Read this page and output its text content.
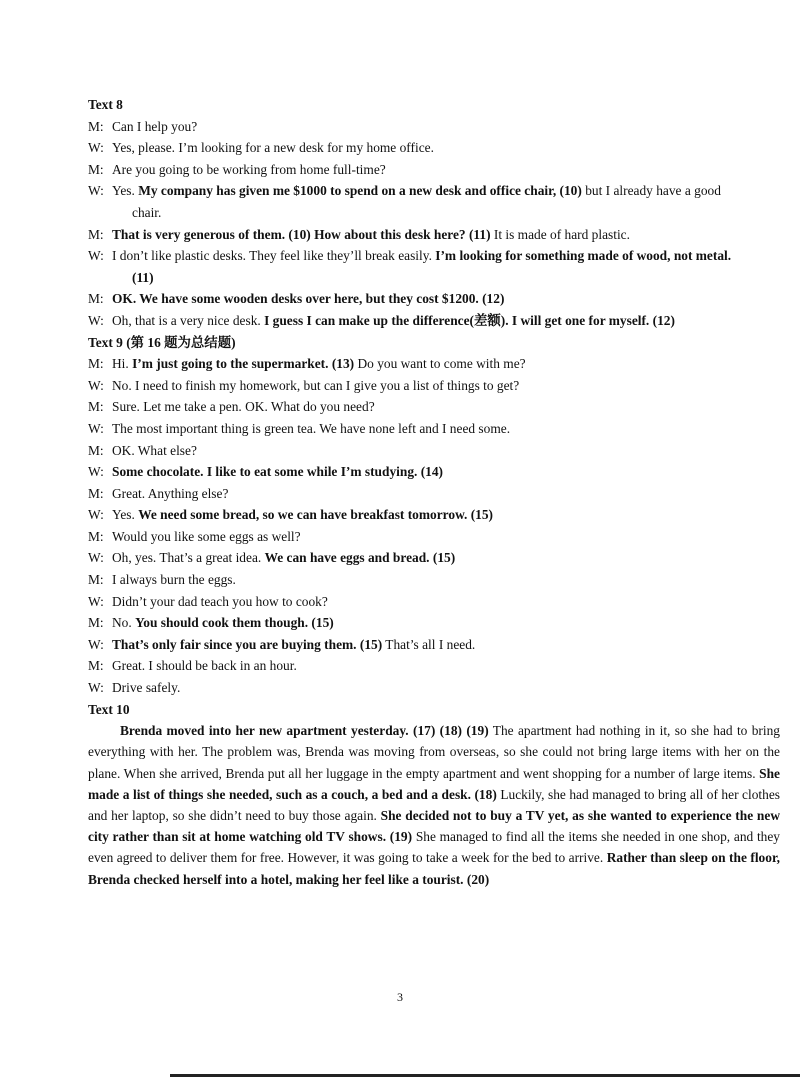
Text 8
M: Can I help you?
W: Yes, please. I’m looking for a new desk for my home office.
M: Are you going to be working from home full-time?
W: Yes. My company has given me $1000 to spend on a new desk and office chair, (10) but I already have a good
chair.
M: That is very generous of them. (10) How about this desk here? (11) It is made of hard plastic.
W: I don’t like plastic desks. They feel like they’ll break easily. I’m looking for something made of wood, not metal.
(11)
M: OK. We have some wooden desks over here, but they cost $1200. (12)
W: Oh, that is a very nice desk. I guess I can make up the difference(差额). I will get one for myself. (12)
Text 9 (第 16 题为总结题)
M: Hi. I’m just going to the supermarket. (13) Do you want to come with me?
W: No. I need to finish my homework, but can I give you a list of things to get?
M: Sure. Let me take a pen. OK. What do you need?
W: The most important thing is green tea. We have none left and I need some.
M: OK. What else?
W: Some chocolate. I like to eat some while I’m studying. (14)
M: Great. Anything else?
W: Yes. We need some bread, so we can have breakfast tomorrow. (15)
M: Would you like some eggs as well?
W: Oh, yes. That’s a great idea. We can have eggs and bread. (15)
M: I always burn the eggs.
W: Didn’t your dad teach you how to cook?
M: No. You should cook them though. (15)
W: That’s only fair since you are buying them. (15) That’s all I need.
M: Great. I should be back in an hour.
W: Drive safely.
Text 10

Brenda moved into her new apartment yesterday. (17) (18) (19) The apartment had nothing in it, so she had to bring everything with her. The problem was, Brenda was moving from overseas, so she could not bring large items with her on the plane. When she arrived, Brenda put all her luggage in the empty apartment and went shopping for a number of large items. She made a list of things she needed, such as a couch, a bed and a desk. (18) Luckily, she had managed to bring all of her clothes and her laptop, so she didn’t need to buy those again. She decided not to buy a TV yet, as she wanted to experience the new city rather than sit at home watching old TV shows. (19) She managed to find all the items she needed in one shop, and they even agreed to deliver them for free. However, it was going to take a week for the bed to arrive. Rather than sleep on the floor, Brenda checked herself into a hotel, making her feel like a tourist. (20)

3
